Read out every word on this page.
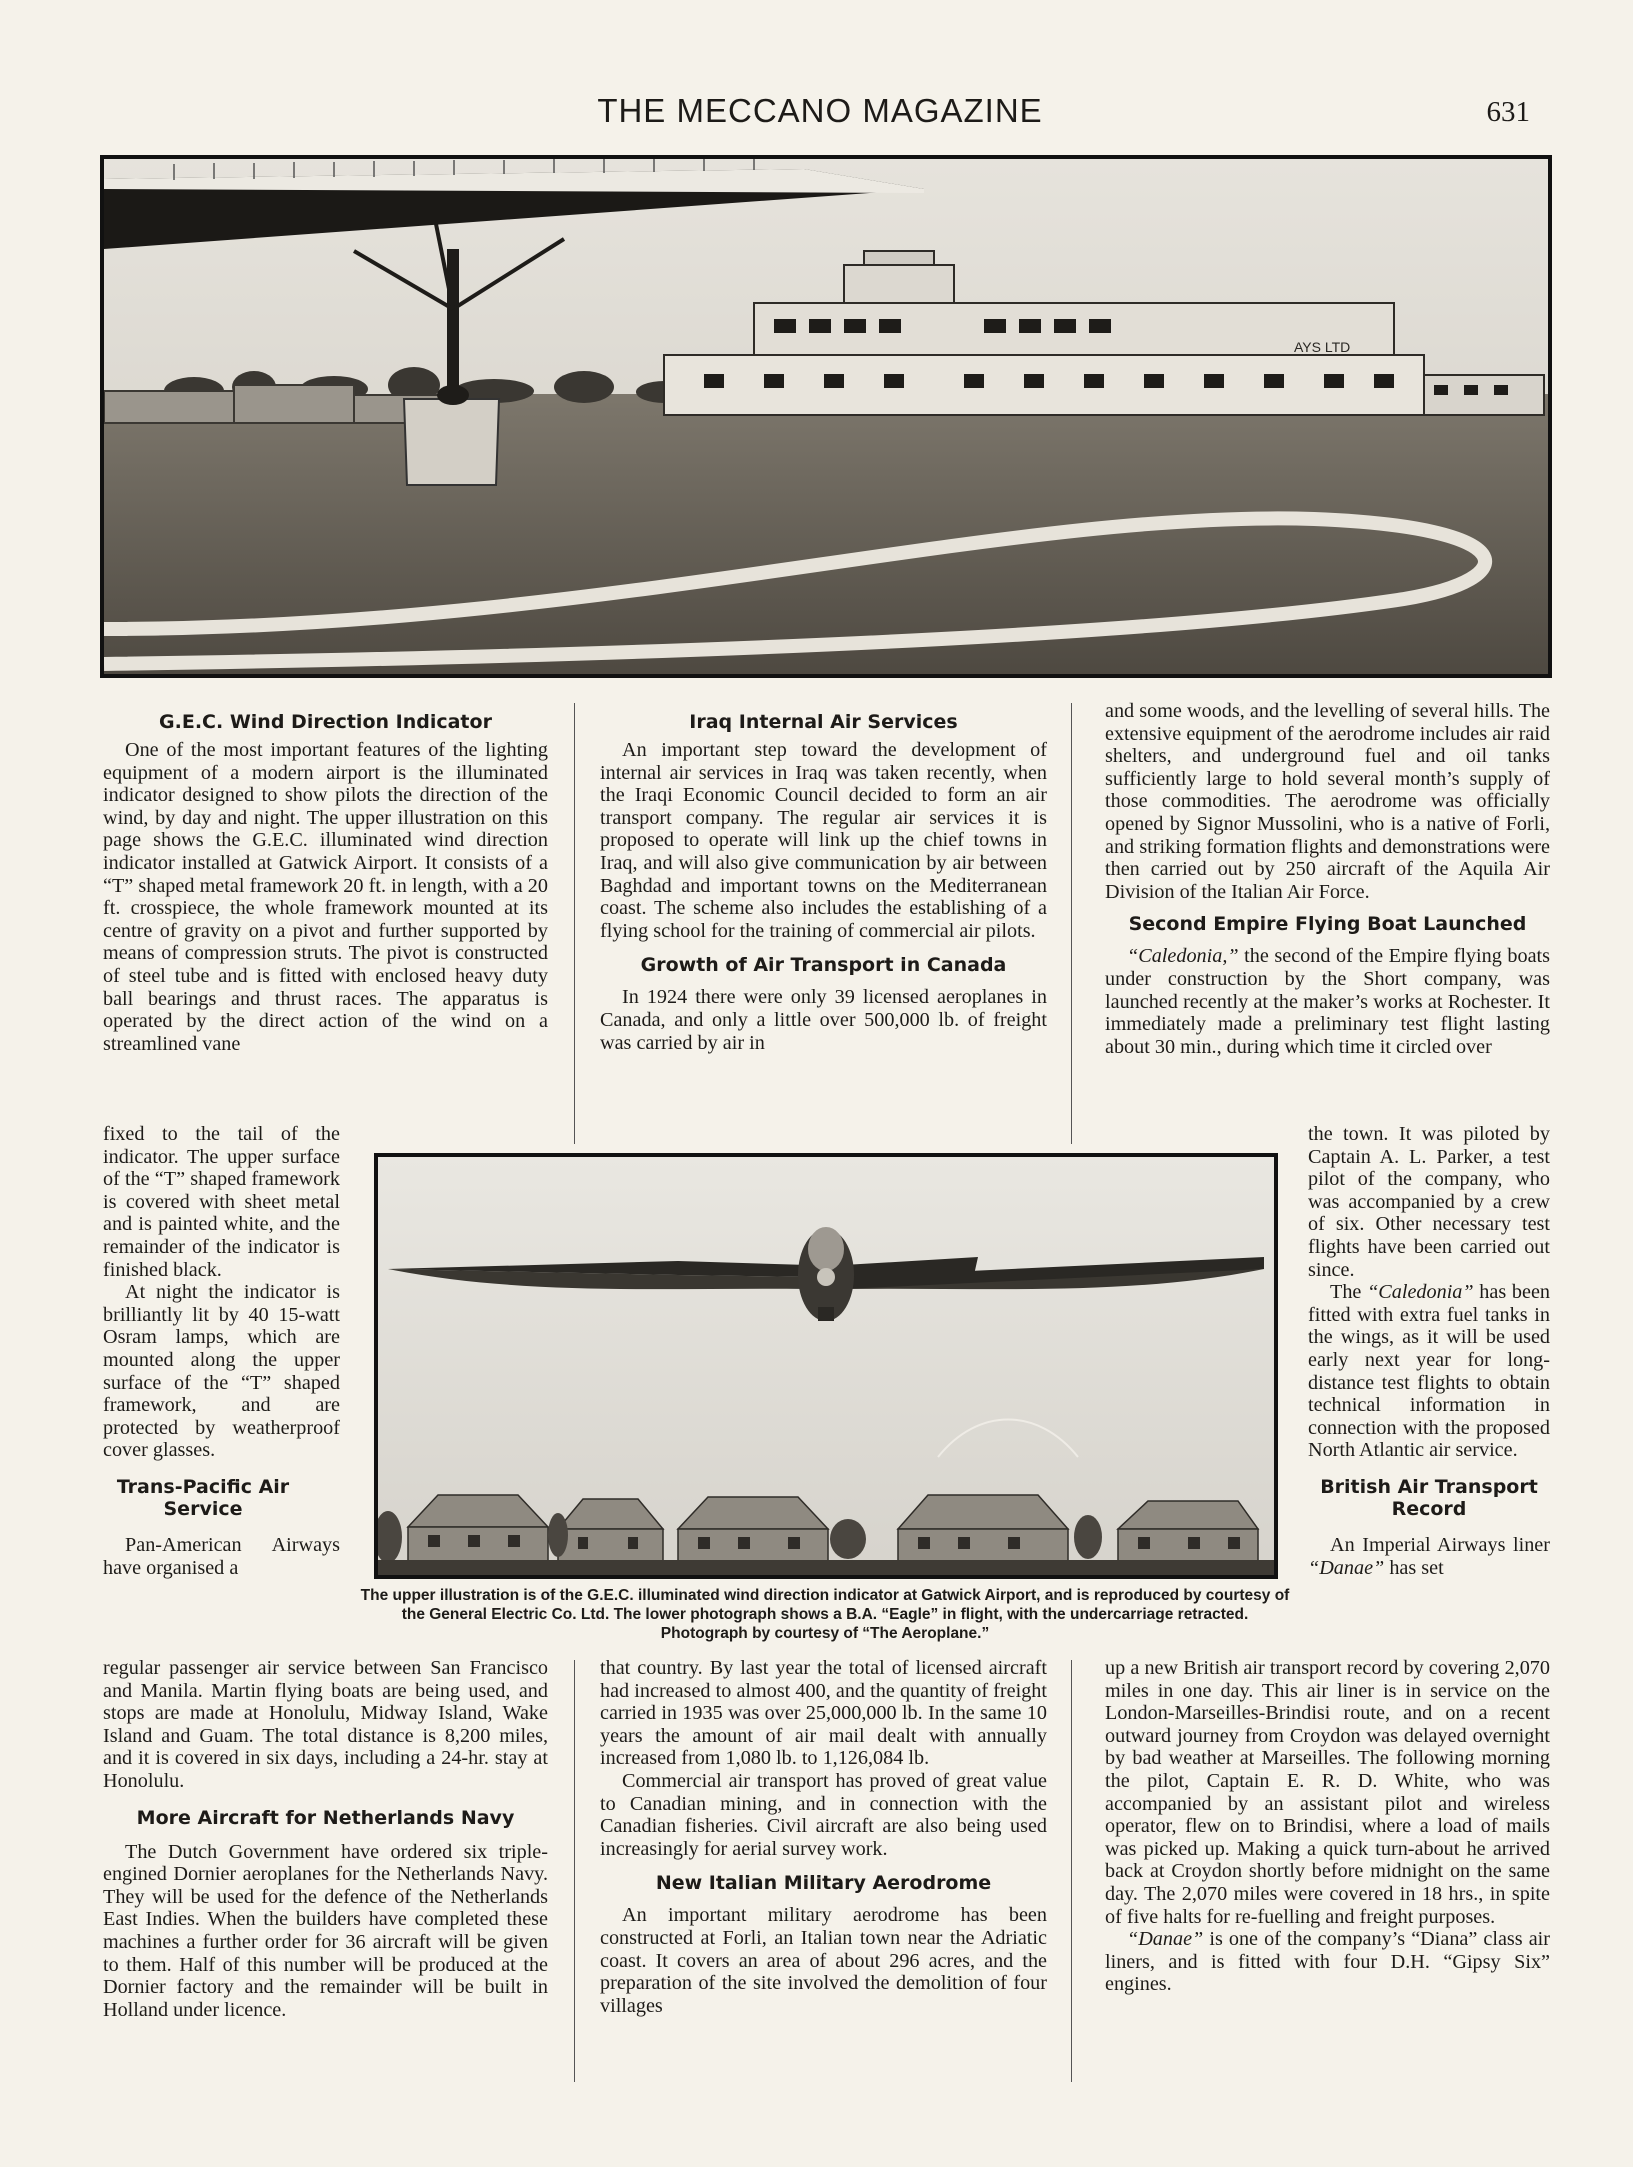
THE MECCANO MAGAZINE	631
AYS LTD
G.E.C. Wind Direction Indicator

One of the most important features of the lighting equipment of a modern airport is the illuminated indicator designed to show pilots the direction of the wind, by day and night. The upper illustration on this page shows the G.E.C. illuminated wind direction indicator installed at Gatwick Airport. It consists of a “T” shaped metal framework 20 ft. in length, with a 20 ft. crosspiece, the whole framework mounted at its centre of gravity on a pivot and further supported by means of compression struts. The pivot is constructed of steel tube and is fitted with enclosed heavy duty ball bearings and thrust races. The apparatus is operated by the direct action of the wind on a streamlined vane

fixed to the tail of the indicator. The upper surface of the “T” shaped framework is covered with sheet metal and is painted white, and the remainder of the indicator is finished black.

At night the indicator is brilliantly lit by 40 15-watt Osram lamps, which are mounted along the upper surface of the “T” shaped framework, and are protected by weatherproof cover glasses.

Trans-Pacific Air Service

Pan-American Airways have organised a

regular passenger air service between San Francisco and Manila. Martin flying boats are being used, and stops are made at Honolulu, Midway Island, Wake Island and Guam. The total distance is 8,200 miles, and it is covered in six days, including a 24-hr. stay at Honolulu.

More Aircraft for Netherlands Navy

The Dutch Government have ordered six triple-engined Dornier aeroplanes for the Netherlands Navy. They will be used for the defence of the Netherlands East Indies. When the builders have completed these machines a further order for 36 aircraft will be given to them. Half of this number will be produced at the Dornier factory and the remainder will be built in Holland under licence.

Iraq Internal Air Services

An important step toward the development of internal air services in Iraq was taken recently, when the Iraqi Economic Council decided to form an air transport company. The regular air services it is proposed to operate will link up the chief towns in Iraq, and will also give communication by air between Baghdad and important towns on the Mediterranean coast. The scheme also includes the establishing of a flying school for the training of commercial air pilots.

Growth of Air Transport in Canada

In 1924 there were only 39 licensed aeroplanes in Canada, and only a little over 500,000 lb. of freight was carried by air in

that country. By last year the total of licensed aircraft had increased to almost 400, and the quantity of freight carried in 1935 was over 25,000,000 lb. In the same 10 years the amount of air mail dealt with annually increased from 1,080 lb. to 1,126,084 lb.

Commercial air transport has proved of great value to Canadian mining, and in connection with the Canadian fisheries. Civil aircraft are also being used increasingly for aerial survey work.

New Italian Military Aerodrome

An important military aerodrome has been constructed at Forli, an Italian town near the Adriatic coast. It covers an area of about 296 acres, and the preparation of the site involved the demolition of four villages

and some woods, and the levelling of several hills. The extensive equipment of the aerodrome includes air raid shelters, and underground fuel and oil tanks sufficiently large to hold several month’s supply of those commodities. The aerodrome was officially opened by Signor Mussolini, who is a native of Forli, and striking formation flights and demonstrations were then carried out by 250 aircraft of the Aquila Air Division of the Italian Air Force.

Second Empire Flying Boat Launched

“Caledonia,” the second of the Empire flying boats under construction by the Short company, was launched recently at the maker’s works at Rochester. It immediately made a preliminary test flight lasting about 30 min., during which time it circled over

the town. It was piloted by Captain A. L. Parker, a test pilot of the company, who was accompanied by a crew of six. Other necessary test flights have been carried out since.

The “Caledonia” has been fitted with extra fuel tanks in the wings, as it will be used early next year for long-distance test flights to obtain technical information in connection with the proposed North Atlantic air service.

British Air Transport Record

An Imperial Airways liner “Danae” has set

up a new British air transport record by covering 2,070 miles in one day. This air liner is in service on the London-Marseilles-Brindisi route, and on a recent outward journey from Croydon was delayed overnight by bad weather at Marseilles. The following morning the pilot, Captain E. R. D. White, who was accompanied by an assistant pilot and wireless operator, flew on to Brindisi, where a load of mails was picked up. Making a quick turn-about he arrived back at Croydon shortly before midnight on the same day. The 2,070 miles were covered in 18 hrs., in spite of five halts for re-fuelling and freight purposes.

“Danae” is one of the company’s “Diana” class air liners, and is fitted with four D.H. “Gipsy Six” engines.

The upper illustration is of the G.E.C. illuminated wind direction indicator at Gatwick Airport, and is reproduced by courtesy of the General Electric Co. Ltd. The lower photograph shows a B.A. “Eagle” in flight, with the undercarriage retracted. Photograph by courtesy of “The Aeroplane.”
